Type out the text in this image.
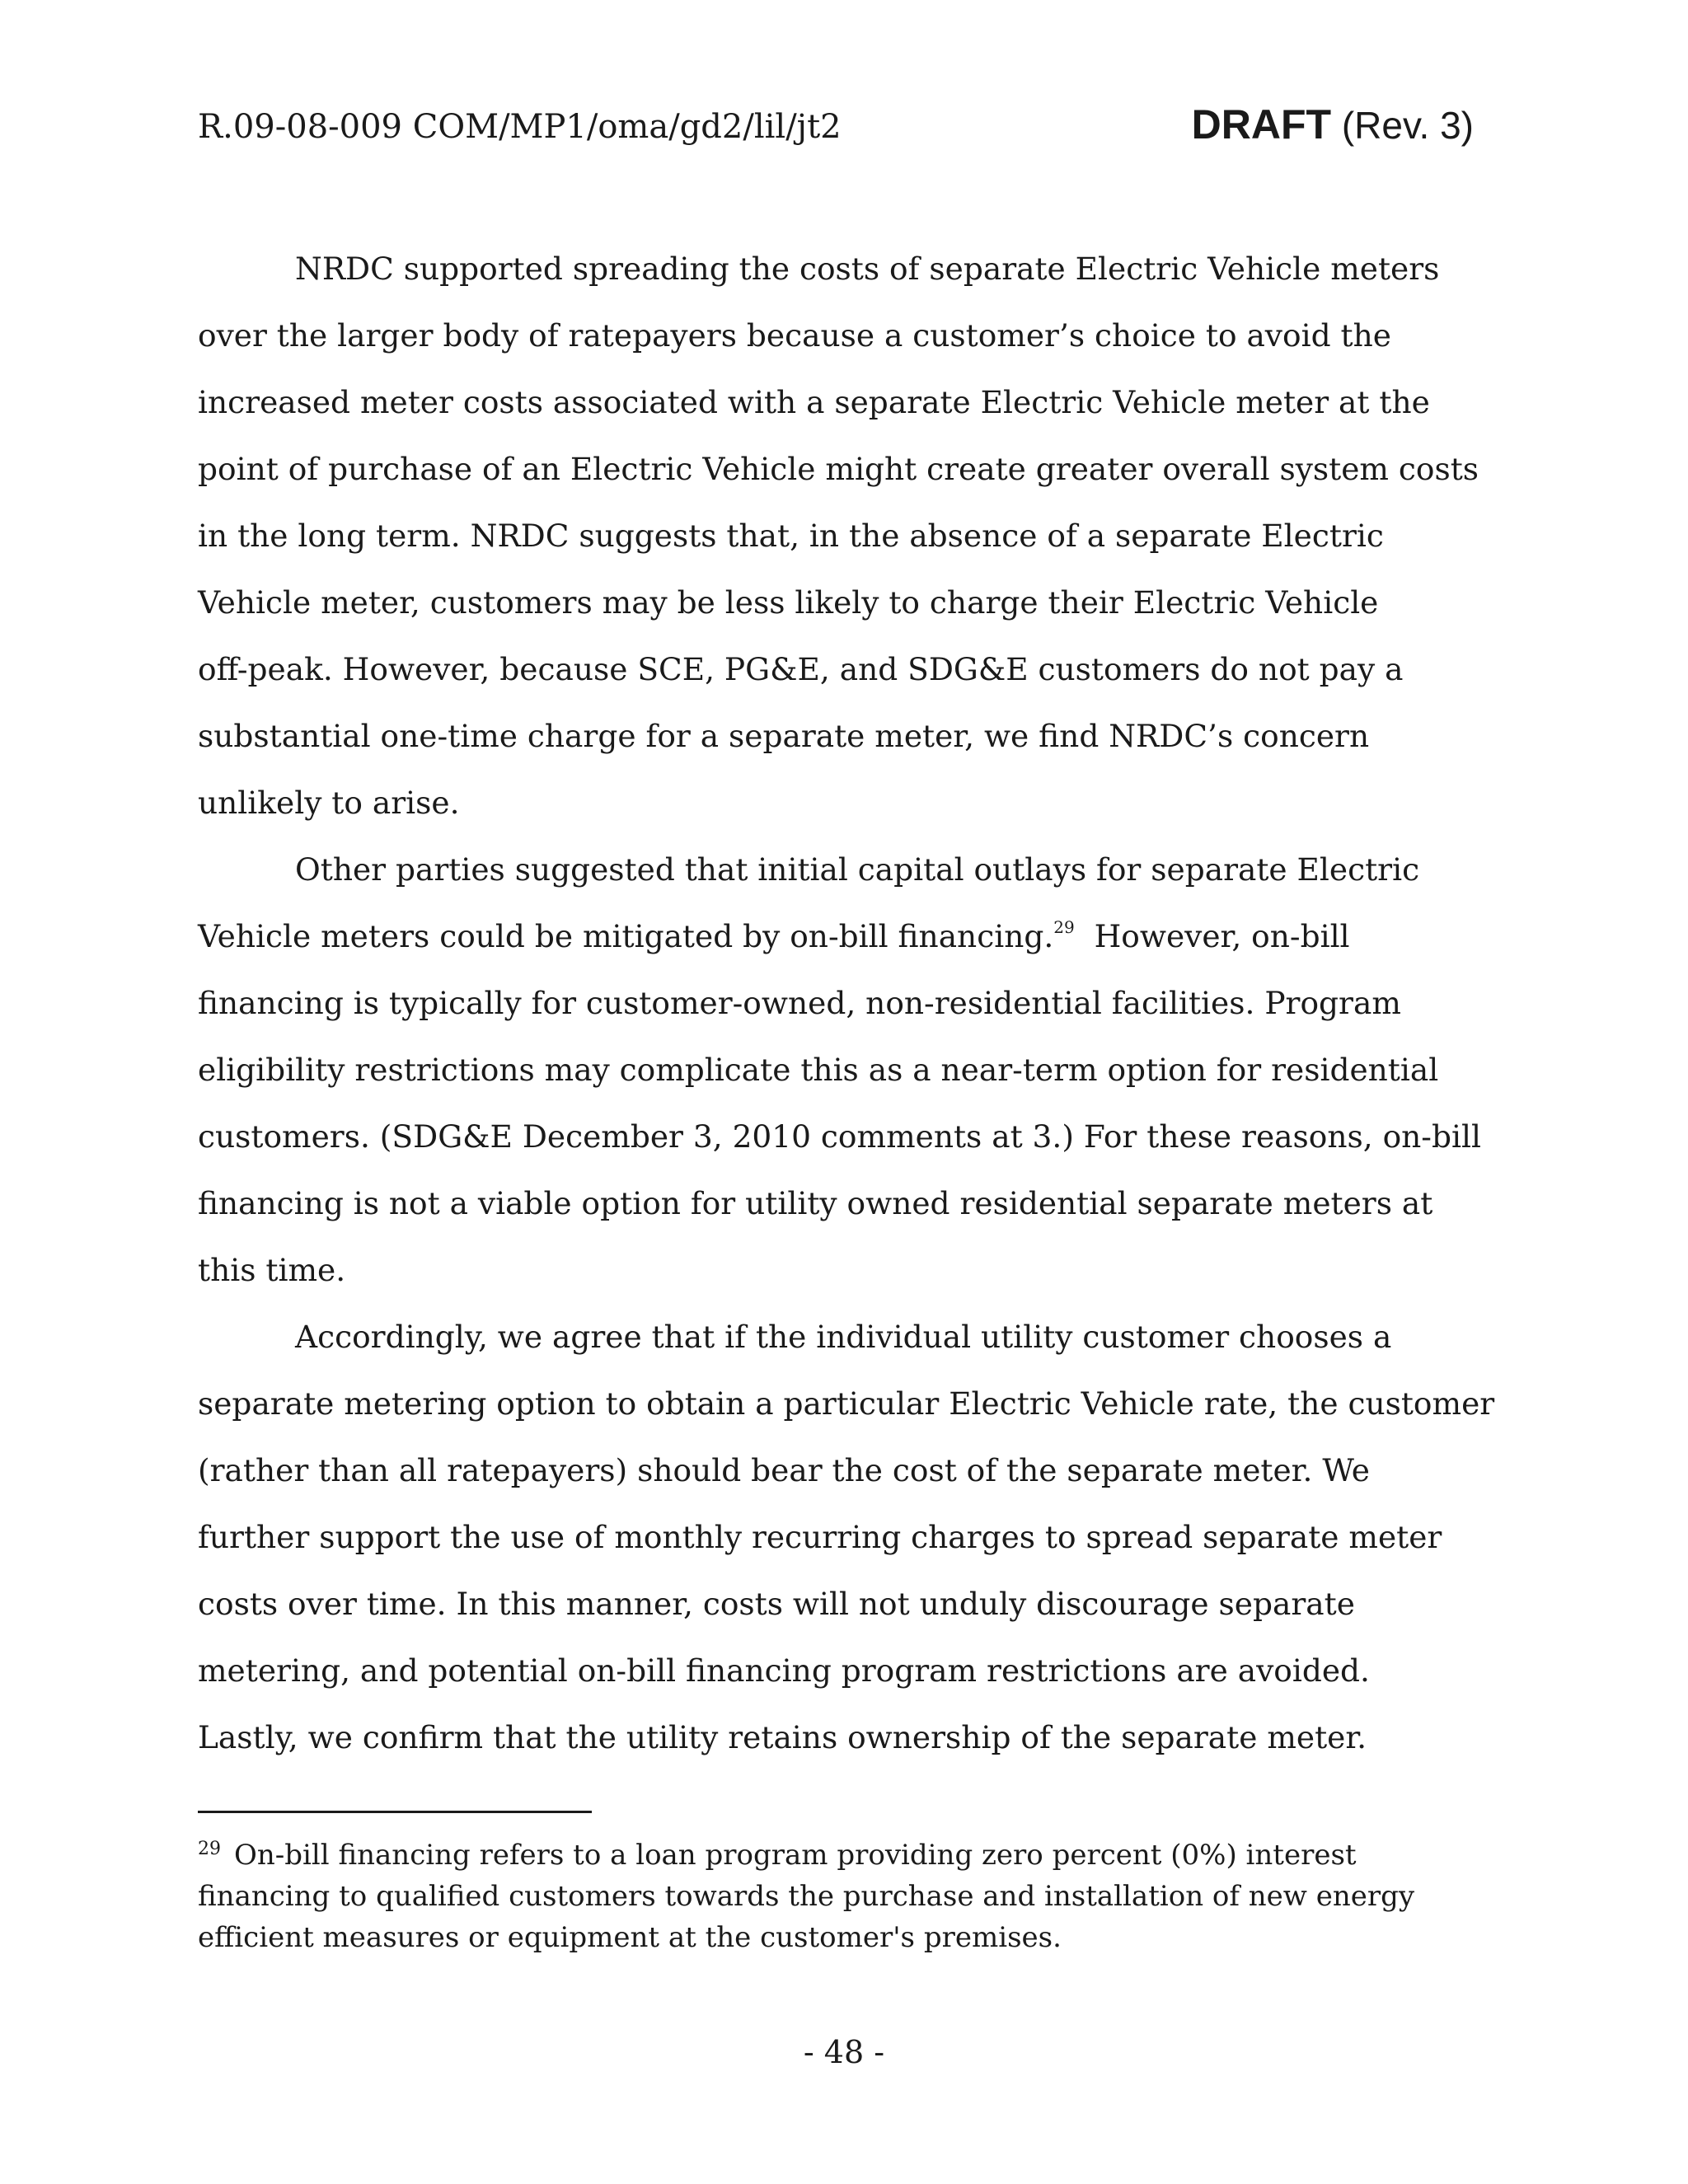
R.09-08-009 COM/MP1/oma/gd2/lil/jt2	DRAFT (Rev. 3)

NRDC supported spreading the costs of separate Electric Vehicle meters
over the larger body of ratepayers because a customer’s choice to avoid the
increased meter costs associated with a separate Electric Vehicle meter at the
point of purchase of an Electric Vehicle might create greater overall system costs
in the long term. NRDC suggests that, in the absence of a separate Electric
Vehicle meter, customers may be less likely to charge their Electric Vehicle
off-peak. However, because SCE, PG&E, and SDG&E customers do not pay a
substantial one-time charge for a separate meter, we find NRDC’s concern
unlikely to arise.

Other parties suggested that initial capital outlays for separate Electric
Vehicle meters could be mitigated by on-bill financing.$^{29}$  However, on-bill
financing is typically for customer-owned, non-residential facilities. Program
eligibility restrictions may complicate this as a near-term option for residential
customers. (SDG&E December 3, 2010 comments at 3.) For these reasons, on-bill
financing is not a viable option for utility owned residential separate meters at
this time.

Accordingly, we agree that if the individual utility customer chooses a
separate metering option to obtain a particular Electric Vehicle rate, the customer
(rather than all ratepayers) should bear the cost of the separate meter. We
further support the use of monthly recurring charges to spread separate meter
costs over time. In this manner, costs will not unduly discourage separate
metering, and potential on-bill financing program restrictions are avoided.
Lastly, we confirm that the utility retains ownership of the separate meter.

$^{29}$ On-bill financing refers to a loan program providing zero percent (0%) interest
financing to qualified customers towards the purchase and installation of new energy
efficient measures or equipment at the customer's premises.
- 48 -
